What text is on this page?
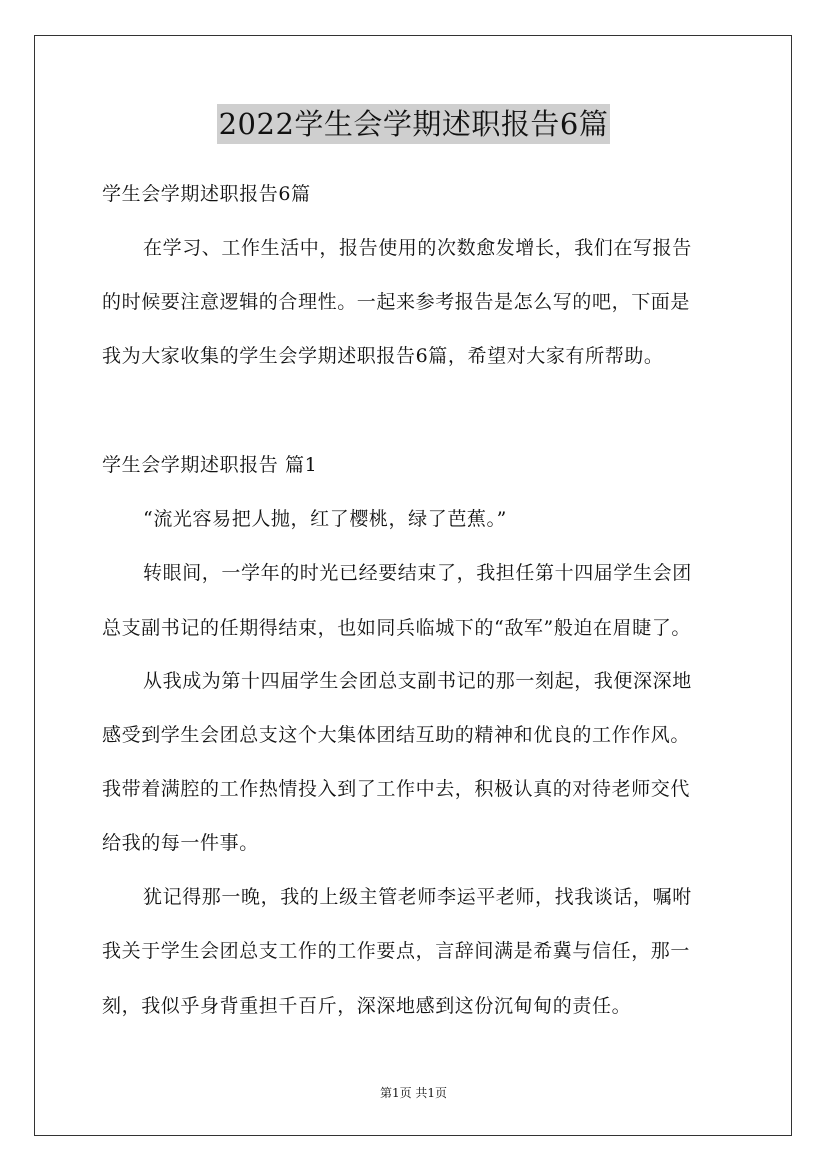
2022学生会学期述职报告6篇
学生会学期述职报告6篇
在学习、工作生活中，报告使用的次数愈发增长，我们在写报告
的时候要注意逻辑的合理性。一起来参考报告是怎么写的吧，下面是
我为大家收集的学生会学期述职报告6篇，希望对大家有所帮助。
学生会学期述职报告 篇1
“流光容易把人抛，红了樱桃，绿了芭蕉。”
转眼间，一学年的时光已经要结束了，我担任第十四届学生会团
总支副书记的任期得结束，也如同兵临城下的“敌军”般迫在眉睫了。
从我成为第十四届学生会团总支副书记的那一刻起，我便深深地
感受到学生会团总支这个大集体团结互助的精神和优良的工作作风。
我带着满腔的工作热情投入到了工作中去，积极认真的对待老师交代
给我的每一件事。
犹记得那一晚，我的上级主管老师李运平老师，找我谈话，嘱咐
我关于学生会团总支工作的工作要点，言辞间满是希冀与信任，那一
刻，我似乎身背重担千百斤，深深地感到这份沉甸甸的责任。
第1页 共1页
